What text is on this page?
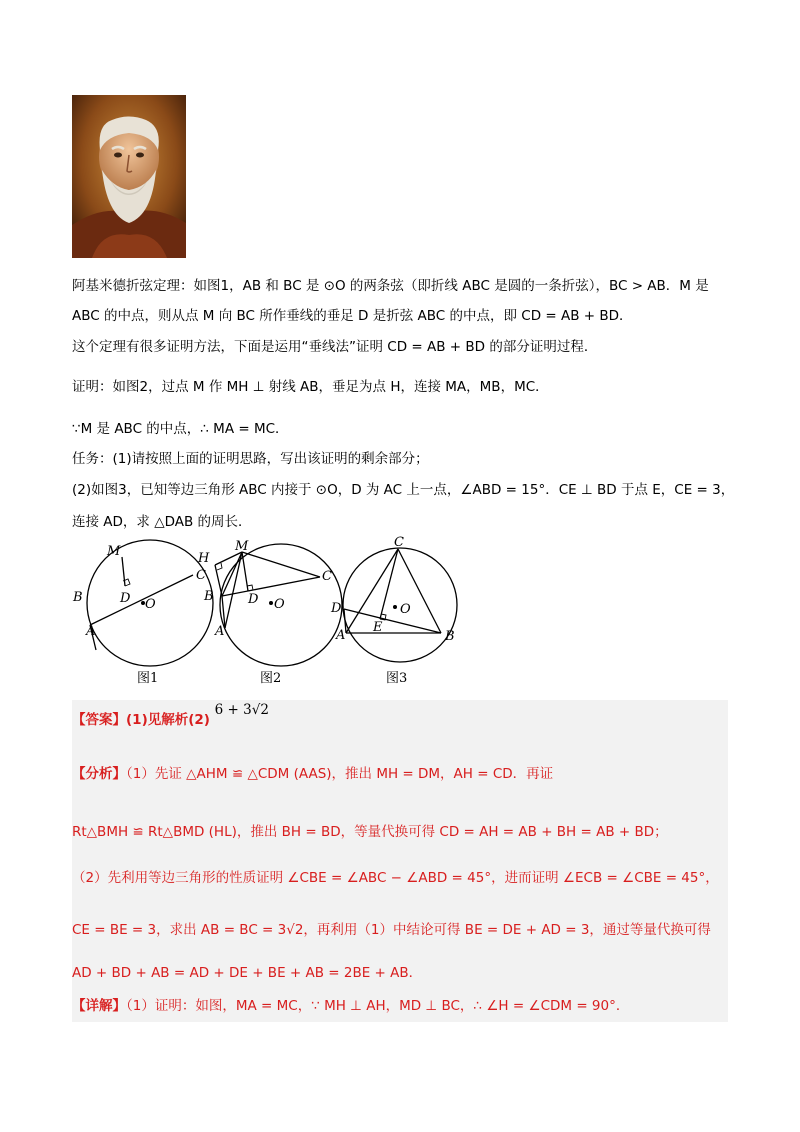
阿基米德折弦定理：如图1，AB 和 BC 是 ⊙O 的两条弦（即折线 ABC 是圆的一条折弦），BC > AB．M 是
ABC 的中点，则从点 M 向 BC 所作垂线的垂足 D 是折弦 ABC 的中点，即 CD = AB + BD．
这个定理有很多证明方法，下面是运用“垂线法”证明 CD = AB + BD 的部分证明过程．
证明：如图2，过点 M 作 MH ⊥ 射线 AB，垂足为点 H，连接 MA，MB，MC．
∵M 是 ABC 的中点，∴ MA = MC．
任务：(1)请按照上面的证明思路，写出该证明的剩余部分；
(2)如图3，已知等边三角形 ABC 内接于 ⊙O，D 为 AC 上一点，∠ABD = 15°．CE ⊥ BD 于点 E，CE = 3，
连接 AD，求 △DAB 的周长．
M
C
B	D O
A
H
M
C
B	D O
A
C
D	O
E
A	B
图1	图2	图3
【答案】(1)见解析(2) 6 + 3√2
【分析】（1）先证 △AHM ≌ △CDM (AAS)，推出 MH = DM，AH = CD．再证
Rt△BMH ≌ Rt△BMD (HL)，推出 BH = BD，等量代换可得 CD = AH = AB + BH = AB + BD；
（2）先利用等边三角形的性质证明 ∠CBE = ∠ABC − ∠ABD = 45°，进而证明 ∠ECB = ∠CBE = 45°，
CE = BE = 3，求出 AB = BC = 3√2，再利用（1）中结论可得 BE = DE + AD = 3，通过等量代换可得
AD + BD + AB = AD + DE + BE + AB = 2BE + AB．
【详解】（1）证明：如图，MA = MC，∵ MH ⊥ AH，MD ⊥ BC，∴ ∠H = ∠CDM = 90°．
